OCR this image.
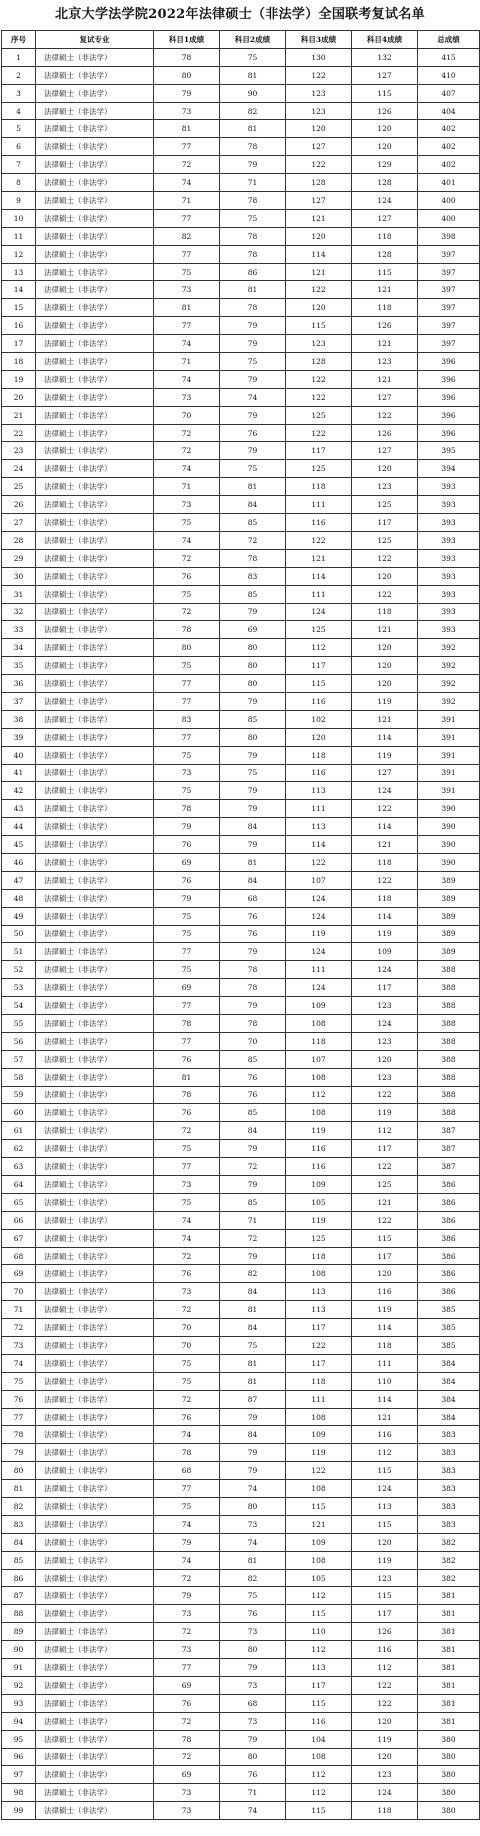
北京大学法学院2022年法律硕士（非法学）全国联考复试名单
序号	复试专业	科目1成绩	科目2成绩	科目3成绩	科目4成绩	总成绩
1	法律硕士（非法学）	78	75	130	132	415
2	法律硕士（非法学）	80	81	122	127	410
3	法律硕士（非法学）	79	90	123	115	407
4	法律硕士（非法学）	73	82	123	126	404
5	法律硕士（非法学）	81	81	120	120	402
6	法律硕士（非法学）	77	78	127	120	402
7	法律硕士（非法学）	72	79	122	129	402
8	法律硕士（非法学）	74	71	128	128	401
9	法律硕士（非法学）	71	78	127	124	400
10	法律硕士（非法学）	77	75	121	127	400
11	法律硕士（非法学）	82	78	120	118	398
12	法律硕士（非法学）	77	78	114	128	397
13	法律硕士（非法学）	75	86	121	115	397
14	法律硕士（非法学）	73	81	122	121	397
15	法律硕士（非法学）	81	78	120	118	397
16	法律硕士（非法学）	77	79	115	126	397
17	法律硕士（非法学）	74	79	123	121	397
18	法律硕士（非法学）	71	75	128	123	396
19	法律硕士（非法学）	74	79	122	121	396
20	法律硕士（非法学）	73	74	122	127	396
21	法律硕士（非法学）	70	79	125	122	396
22	法律硕士（非法学）	72	76	122	126	396
23	法律硕士（非法学）	72	79	117	127	395
24	法律硕士（非法学）	74	75	125	120	394
25	法律硕士（非法学）	71	81	118	123	393
26	法律硕士（非法学）	73	84	111	125	393
27	法律硕士（非法学）	75	85	116	117	393
28	法律硕士（非法学）	74	72	122	125	393
29	法律硕士（非法学）	72	78	121	122	393
30	法律硕士（非法学）	76	83	114	120	393
31	法律硕士（非法学）	75	85	111	122	393
32	法律硕士（非法学）	72	79	124	118	393
33	法律硕士（非法学）	78	69	125	121	393
34	法律硕士（非法学）	80	80	112	120	392
35	法律硕士（非法学）	75	80	117	120	392
36	法律硕士（非法学）	77	80	115	120	392
37	法律硕士（非法学）	77	79	116	119	392
38	法律硕士（非法学）	83	85	102	121	391
39	法律硕士（非法学）	77	80	120	114	391
40	法律硕士（非法学）	75	79	118	119	391
41	法律硕士（非法学）	73	75	116	127	391
42	法律硕士（非法学）	75	79	113	124	391
43	法律硕士（非法学）	78	79	111	122	390
44	法律硕士（非法学）	79	84	113	114	390
45	法律硕士（非法学）	76	79	114	121	390
46	法律硕士（非法学）	69	81	122	118	390
47	法律硕士（非法学）	76	84	107	122	389
48	法律硕士（非法学）	79	68	124	118	389
49	法律硕士（非法学）	75	76	124	114	389
50	法律硕士（非法学）	75	76	119	119	389
51	法律硕士（非法学）	77	79	124	109	389
52	法律硕士（非法学）	75	78	111	124	388
53	法律硕士（非法学）	69	78	124	117	388
54	法律硕士（非法学）	77	79	109	123	388
55	法律硕士（非法学）	78	78	108	124	388
56	法律硕士（非法学）	77	70	118	123	388
57	法律硕士（非法学）	76	85	107	120	388
58	法律硕士（非法学）	81	76	108	123	388
59	法律硕士（非法学）	78	76	112	122	388
60	法律硕士（非法学）	76	85	108	119	388
61	法律硕士（非法学）	72	84	119	112	387
62	法律硕士（非法学）	75	79	116	117	387
63	法律硕士（非法学）	77	72	116	122	387
64	法律硕士（非法学）	73	79	109	125	386
65	法律硕士（非法学）	75	85	105	121	386
66	法律硕士（非法学）	74	71	119	122	386
67	法律硕士（非法学）	74	72	125	115	386
68	法律硕士（非法学）	72	79	118	117	386
69	法律硕士（非法学）	76	82	108	120	386
70	法律硕士（非法学）	73	84	113	116	386
71	法律硕士（非法学）	72	81	113	119	385
72	法律硕士（非法学）	70	84	117	114	385
73	法律硕士（非法学）	70	75	122	118	385
74	法律硕士（非法学）	75	81	117	111	384
75	法律硕士（非法学）	75	81	118	110	384
76	法律硕士（非法学）	72	87	111	114	384
77	法律硕士（非法学）	76	79	108	121	384
78	法律硕士（非法学）	74	84	109	116	383
79	法律硕士（非法学）	78	79	119	112	383
80	法律硕士（非法学）	68	79	122	115	383
81	法律硕士（非法学）	77	74	108	124	383
82	法律硕士（非法学）	75	80	115	113	383
83	法律硕士（非法学）	74	73	121	115	383
84	法律硕士（非法学）	79	74	109	120	382
85	法律硕士（非法学）	74	81	108	119	382
86	法律硕士（非法学）	72	82	105	123	382
87	法律硕士（非法学）	79	75	112	115	381
88	法律硕士（非法学）	73	76	115	117	381
89	法律硕士（非法学）	72	73	110	126	381
90	法律硕士（非法学）	73	80	112	116	381
91	法律硕士（非法学）	77	79	113	112	381
92	法律硕士（非法学）	69	73	117	122	381
93	法律硕士（非法学）	76	68	115	122	381
94	法律硕士（非法学）	72	73	116	120	381
95	法律硕士（非法学）	78	79	104	119	380
96	法律硕士（非法学）	72	80	108	120	380
97	法律硕士（非法学）	69	76	112	123	380
98	法律硕士（非法学）	73	71	112	124	380
99	法律硕士（非法学）	73	74	115	118	380
